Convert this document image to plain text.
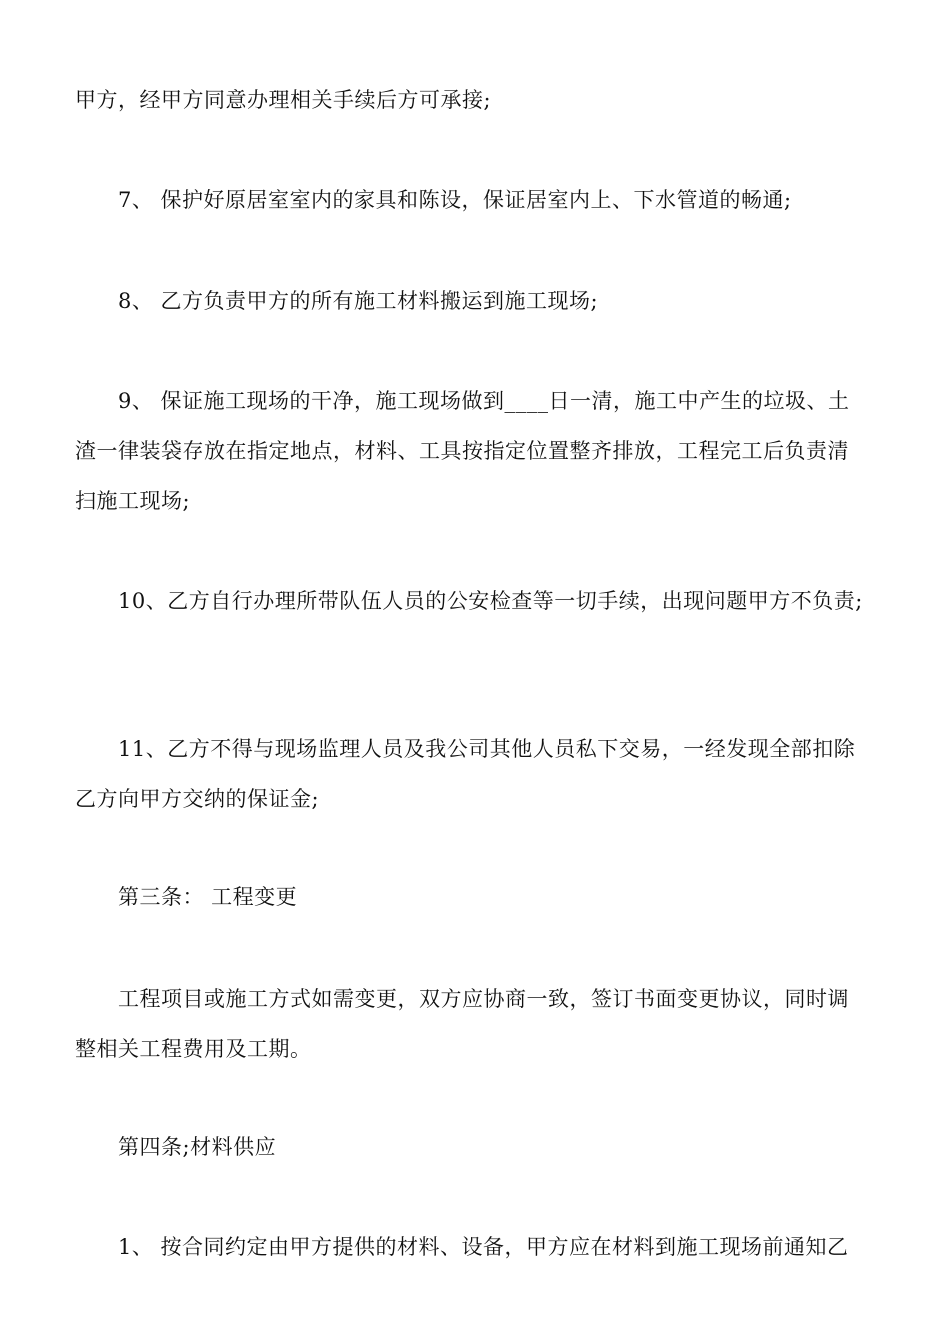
甲方，经甲方同意办理相关手续后方可承接;
7、 保护好原居室室内的家具和陈设，保证居室内上、下水管道的畅通;
8、 乙方负责甲方的所有施工材料搬运到施工现场;
9、 保证施工现场的干净，施工现场做到____日一清，施工中产生的垃圾、土
渣一律装袋存放在指定地点，材料、工具按指定位置整齐排放，工程完工后负责清
扫施工现场;
10、乙方自行办理所带队伍人员的公安检查等一切手续，出现问题甲方不负责;
11、乙方不得与现场监理人员及我公司其他人员私下交易，一经发现全部扣除
乙方向甲方交纳的保证金;
第三条： 工程变更
工程项目或施工方式如需变更，双方应协商一致，签订书面变更协议，同时调
整相关工程费用及工期。
第四条;材料供应
1、 按合同约定由甲方提供的材料、设备，甲方应在材料到施工现场前通知乙
